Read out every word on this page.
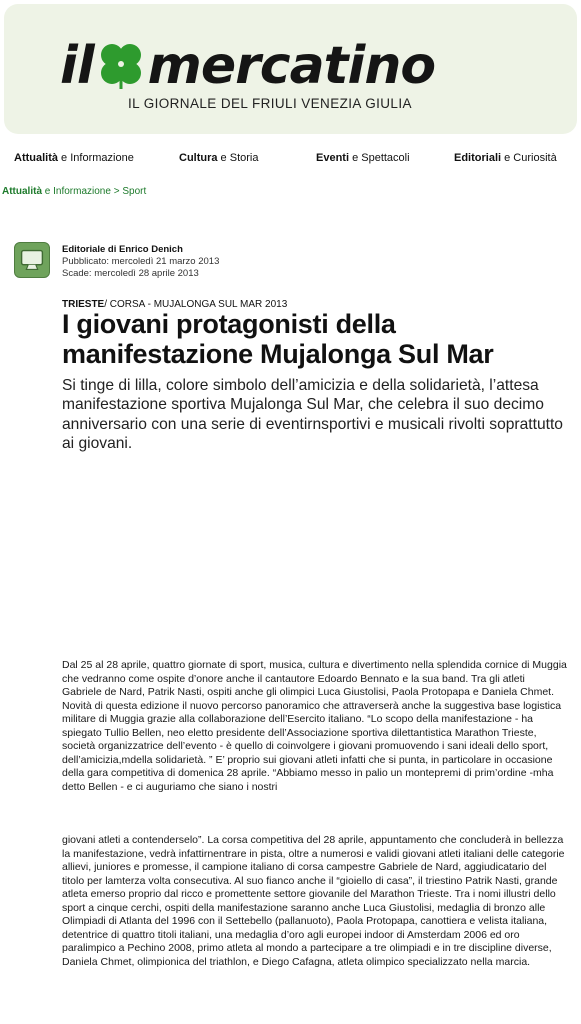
il mercatino
IL GIORNALE DEL FRIULI VENEZIA GIULIA
Attualità e Informazione	Cultura e Storia	Eventi e Spettacoli	Editoriali e Curiosità
Attualità e Informazione > Sport
Editoriale di Enrico Denich
Pubblicato: mercoledì 21 marzo 2013
Scade: mercoledì 28 aprile 2013
TRIESTE/ CORSA - MUJALONGA SUL MAR 2013
I giovani protagonisti della manifestazione Mujalonga Sul Mar

Si tinge di lilla, colore simbolo dell’amicizia e della solidarietà, l’attesa manifestazione sportiva Mujalonga Sul Mar, che celebra il suo decimo anniversario con una serie di eventirnsportivi e musicali rivolti soprattutto ai giovani.

Dal 25 al 28 aprile, quattro giornate di sport, musica, cultura e divertimento nella splendida cornice di Muggia che vedranno come ospite d’onore anche il cantautore Edoardo Bennato e la sua band. Tra gli atleti Gabriele de Nard, Patrik Nasti, ospiti anche gli olimpici Luca Giustolisi, Paola Protopapa e Daniela Chmet. Novità di questa edizione il nuovo percorso panoramico che attraverserà anche la suggestiva base logistica militare di Muggia grazie alla collaborazione dell’Esercito italiano. “Lo scopo della manifestazione - ha spiegato Tullio Bellen, neo eletto presidente dell’Associazione sportiva dilettantistica Marathon Trieste, società organizzatrice dell’evento - è quello di coinvolgere i giovani promuovendo i sani ideali dello sport, dell’amicizia,mdella solidarietà. ” E’ proprio sui giovani atleti infatti che si punta, in particolare in occasione della gara competitiva di domenica 28 aprile. “Abbiamo messo in palio un montepremi di prim’ordine -mha detto Bellen - e ci auguriamo che siano i nostri

giovani atleti a contenderselo”. La corsa competitiva del 28 aprile, appuntamento che concluderà in bellezza la manifestazione, vedrà infattirnentrare in pista, oltre a numerosi e validi giovani atleti italiani delle categorie allievi, juniores e promesse, il campione italiano di corsa campestre Gabriele de Nard, aggiudicatario del titolo per lamterza volta consecutiva. Al suo fianco anche il “gioiello di casa”, il triestino Patrik Nasti, grande atleta emerso proprio dal ricco e promettente settore giovanile del Marathon Trieste. Tra i nomi illustri dello sport a cinque cerchi, ospiti della manifestazione saranno anche Luca Giustolisi, medaglia di bronzo alle Olimpiadi di Atlanta del 1996 con il Settebello (pallanuoto), Paola Protopapa, canottiera e velista italiana, detentrice di quattro titoli italiani, una medaglia d’oro agli europei indoor di Amsterdam 2006 ed oro paralimpico a Pechino 2008, primo atleta al mondo a partecipare a tre olimpiadi e in tre discipline diverse, Daniela Chmet, olimpionica del triathlon, e Diego Cafagna, atleta olimpico specializzato nella marcia.
